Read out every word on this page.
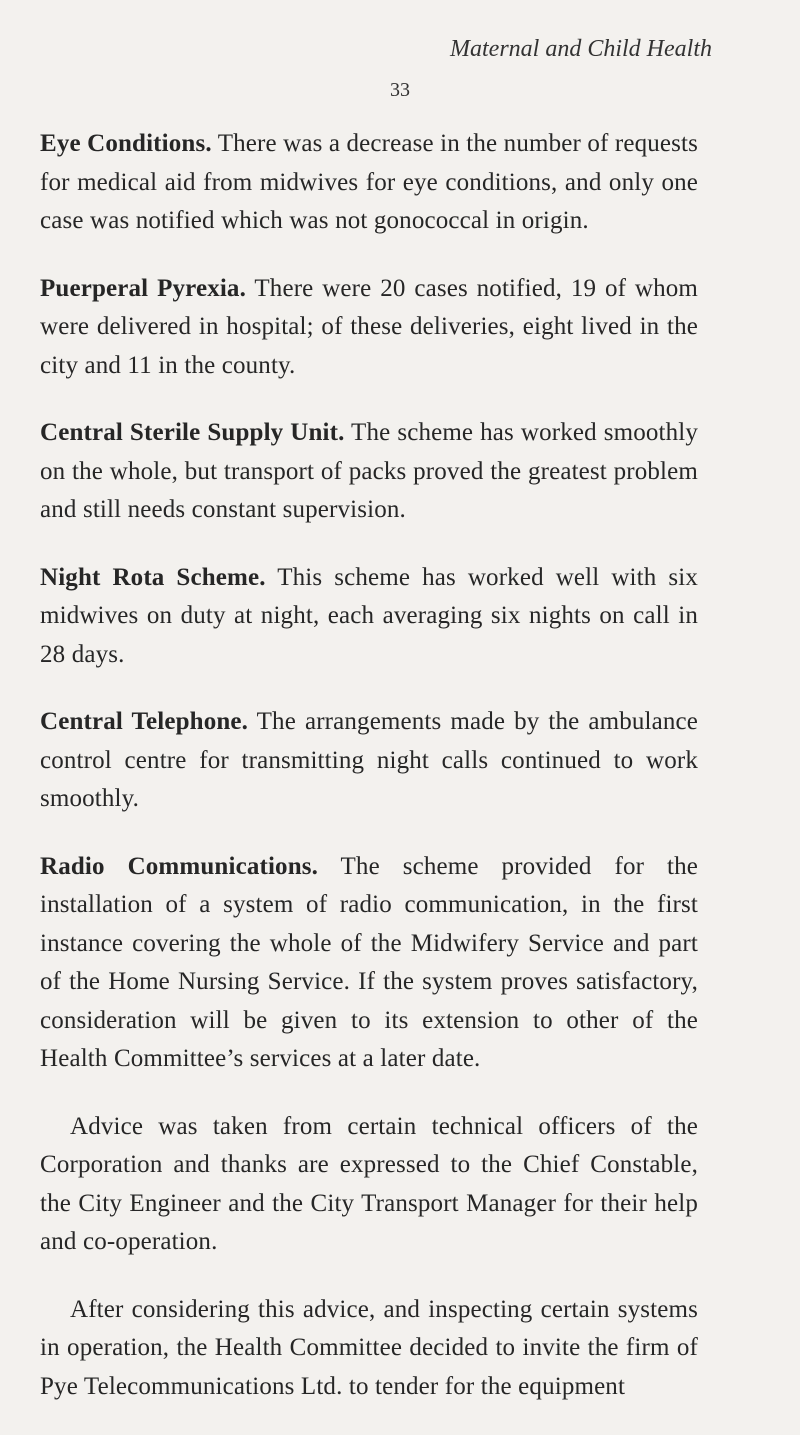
Maternal and Child Health
33

Eye Conditions. There was a decrease in the number of requests for medical aid from midwives for eye conditions, and only one case was notified which was not gonococcal in origin.

Puerperal Pyrexia. There were 20 cases notified, 19 of whom were delivered in hospital; of these deliveries, eight lived in the city and 11 in the county.

Central Sterile Supply Unit. The scheme has worked smoothly on the whole, but transport of packs proved the greatest problem and still needs constant supervision.

Night Rota Scheme. This scheme has worked well with six midwives on duty at night, each averaging six nights on call in 28 days.

Central Telephone. The arrangements made by the ambulance control centre for transmitting night calls continued to work smoothly.

Radio Communications. The scheme provided for the installation of a system of radio communication, in the first instance covering the whole of the Midwifery Service and part of the Home Nursing Service. If the system proves satisfactory, consideration will be given to its extension to other of the Health Committee’s services at a later date.

Advice was taken from certain technical officers of the Corporation and thanks are expressed to the Chief Constable, the City Engineer and the City Transport Manager for their help and co-operation.

After considering this advice, and inspecting certain systems in operation, the Health Committee decided to invite the firm of Pye Telecommunications Ltd. to tender for the equipment
